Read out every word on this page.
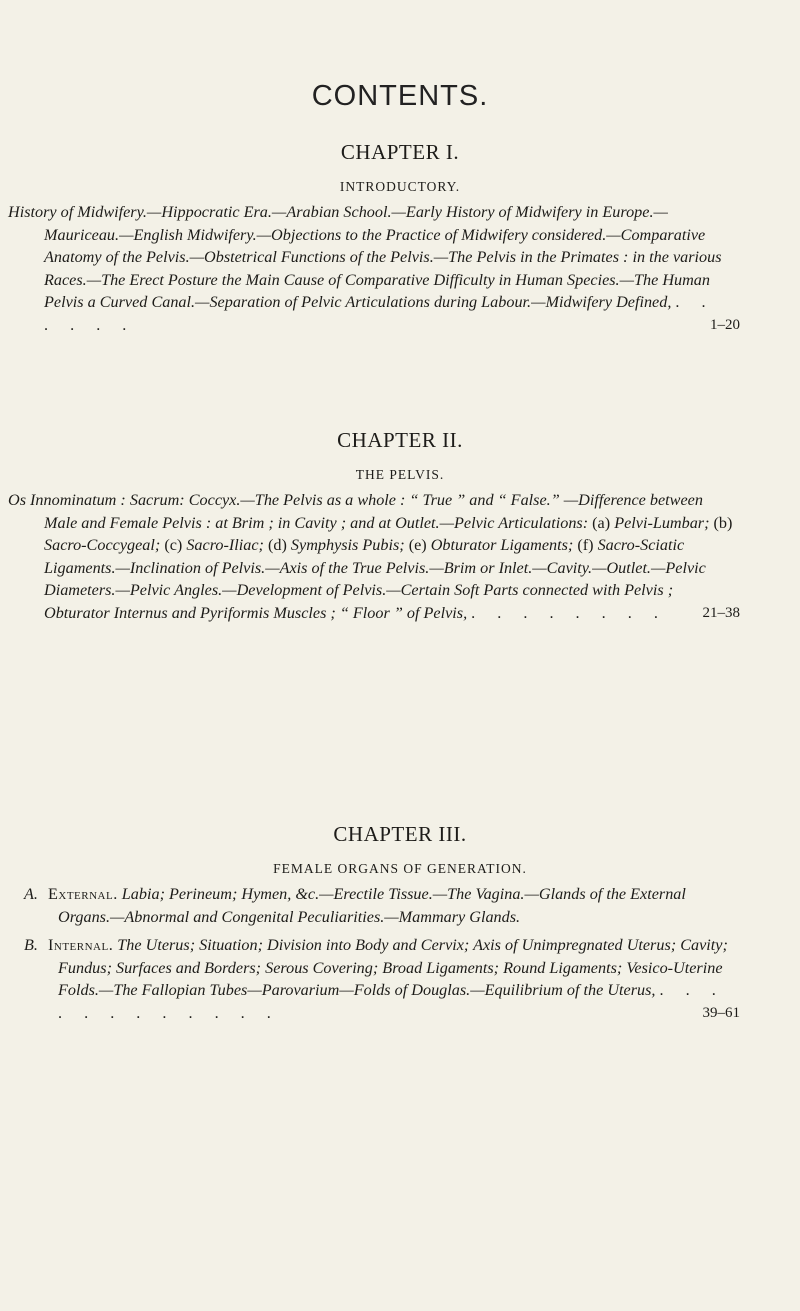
CONTENTS.
CHAPTER I.
INTRODUCTORY.
History of Midwifery.—Hippocratic Era.—Arabian School.—Early History of Midwifery in Europe.—Mauriceau.—English Midwifery.—Objections to the Practice of Midwifery considered.—Comparative Anatomy of the Pelvis.—Obstetrical Functions of the Pelvis.—The Pelvis in the Primates : in the various Races.—The Erect Posture the Main Cause of Comparative Difficulty in Human Species.—The Human Pelvis a Curved Canal.—Separation of Pelvic Articulations during Labour.—Midwifery Defined, . . . . . .	1–20
CHAPTER II.
THE PELVIS.
Os Innominatum : Sacrum: Coccyx.—The Pelvis as a whole : “ True ” and “ False.” —Difference between Male and Female Pelvis : at Brim ; in Cavity ; and at Outlet.—Pelvic Articulations: (a) Pelvi-Lumbar; (b) Sacro-Coccygeal; (c) Sacro-Iliac; (d) Symphysis Pubis; (e) Obturator Ligaments; (f) Sacro-Sciatic Ligaments.—Inclination of Pelvis.—Axis of the True Pelvis.—Brim or Inlet.—Cavity.—Outlet.—Pelvic Diameters.—Pelvic Angles.—Development of Pelvis.—Certain Soft Parts connected with Pelvis ; Obturator Internus and Pyriformis Muscles ; “ Floor ” of Pelvis, . . . . . . . . 21–38
CHAPTER III.
FEMALE ORGANS OF GENERATION.
A. External. Labia; Perineum; Hymen, &c.—Erectile Tissue.—The Vagina.—Glands of the External Organs.—Abnormal and Congenital Peculiarities.—Mammary Glands.
B. Internal. The Uterus; Situation; Division into Body and Cervix; Axis of Unimpregnated Uterus; Cavity; Fundus; Surfaces and Borders; Serous Covering; Broad Ligaments; Round Ligaments; Vesico-Uterine Folds.—The Fallopian Tubes—Parovarium—Folds of Douglas.—Equilibrium of the Uterus, . . . . . . . . . . . .	39–61
